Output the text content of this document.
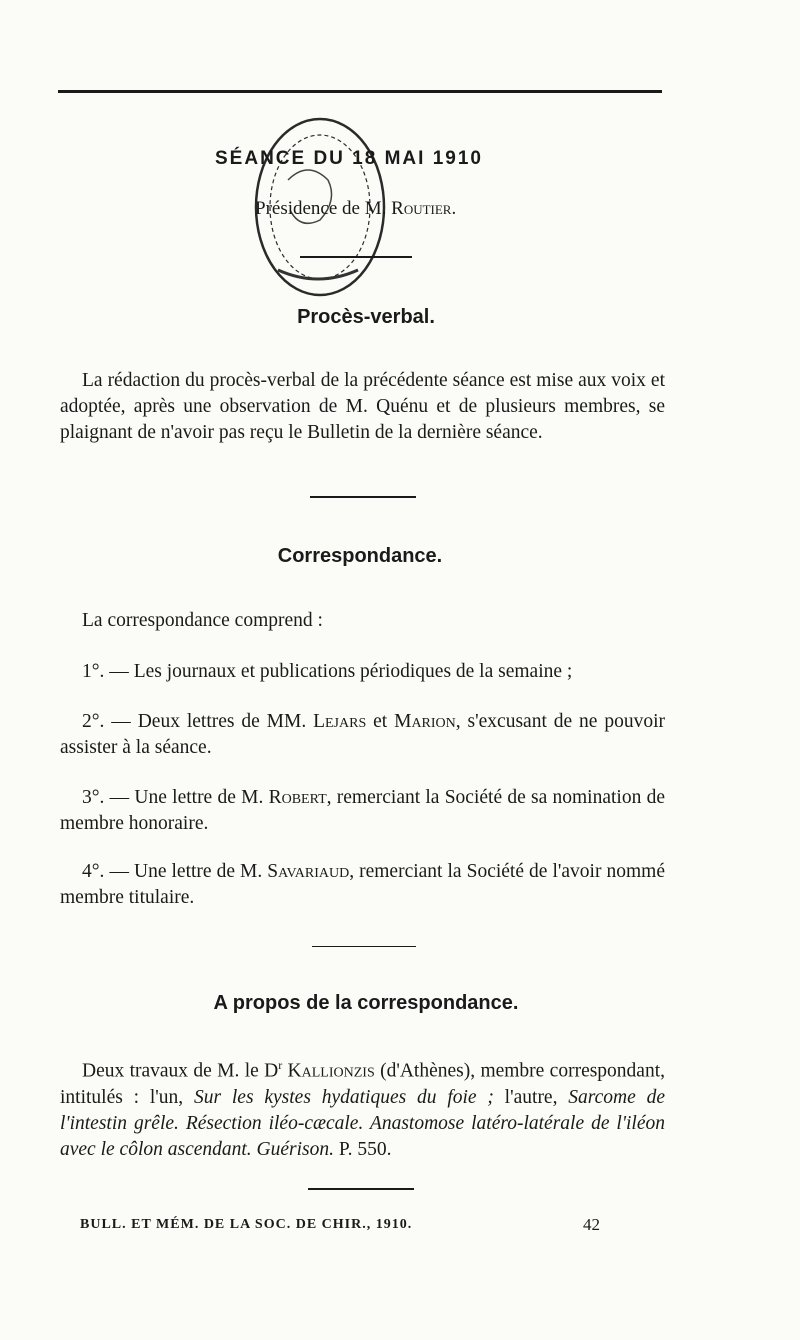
SÉANCE DU 18 MAI 1910
Présidence de M. Routier.
Procès-verbal.
La rédaction du procès-verbal de la précédente séance est mise aux voix et adoptée, après une observation de M. Quénu et de plusieurs membres, se plaignant de n'avoir pas reçu le Bulletin de la dernière séance.
Correspondance.
La correspondance comprend :
1°. — Les journaux et publications périodiques de la semaine ;
2°. — Deux lettres de MM. Lejars et Marion, s'excusant de ne pouvoir assister à la séance.
3°. — Une lettre de M. Robert, remerciant la Société de sa nomination de membre honoraire.
4°. — Une lettre de M. Savariaud, remerciant la Société de l'avoir nommé membre titulaire.
A propos de la correspondance.
Deux travaux de M. le $D^r$ Kallionzis (d'Athènes), membre correspondant, intitulés : l'un, Sur les kystes hydatiques du foie ; l'autre, Sarcome de l'intestin grêle. Résection iléo-cæcale. Anastomose latéro-latérale de l'iléon avec le côlon ascendant. Guérison. P. 550.
BULL. ET MÉM. DE LA SOC. DE CHIR., 1910.	42
